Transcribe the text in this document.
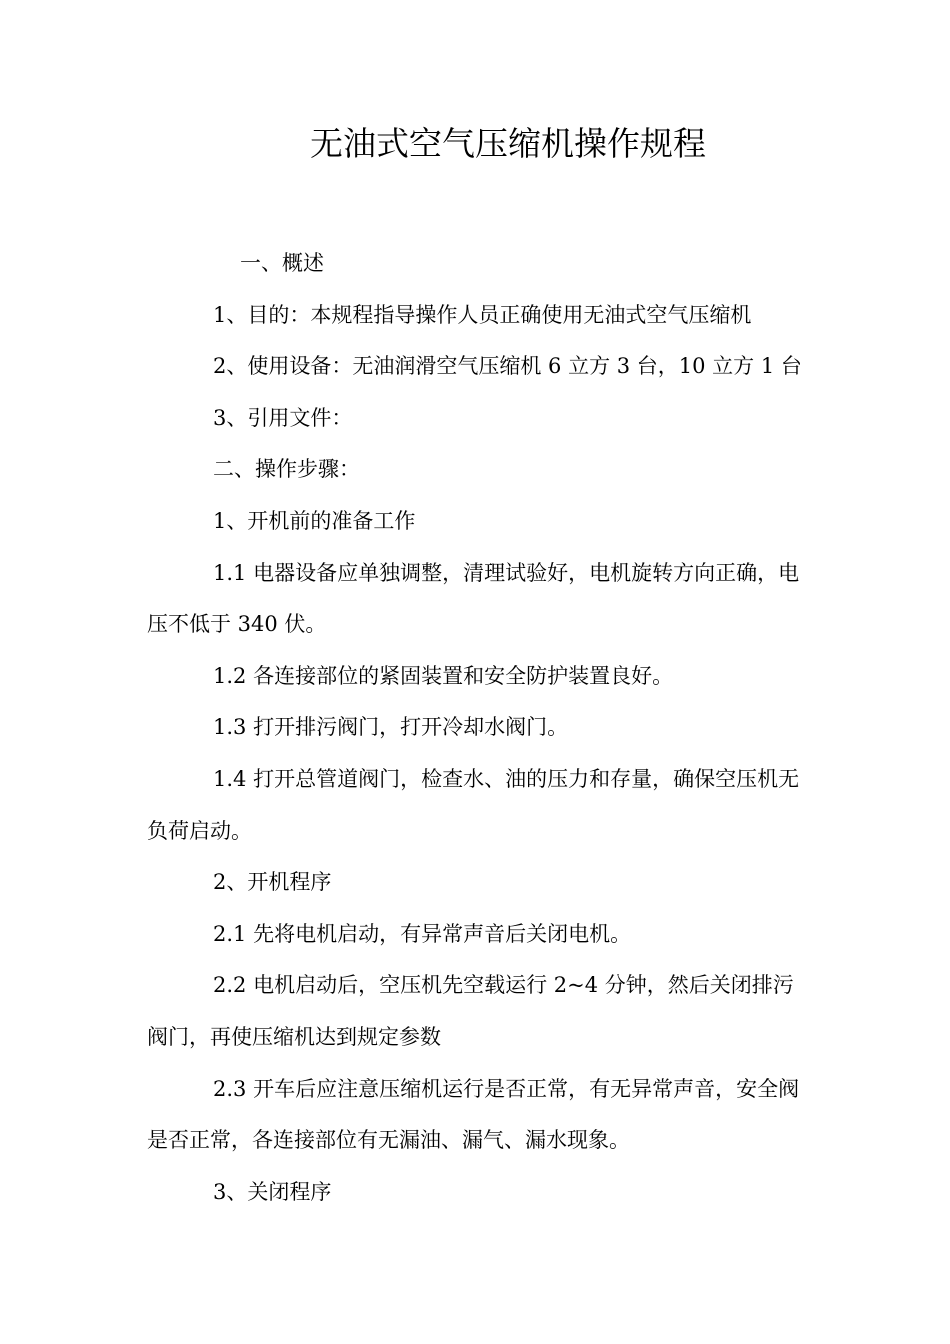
无油式空气压缩机操作规程

一、概述

1、目的：本规程指导操作人员正确使用无油式空气压缩机

2、使用设备：无油润滑空气压缩机 6 立方 3 台，10 立方 1 台

3、引用文件：

二、操作步骤：

1、开机前的准备工作

1.1 电器设备应单独调整，清理试验好，电机旋转方向正确，电压不低于 340 伏。

1.2 各连接部位的紧固装置和安全防护装置良好。

1.3 打开排污阀门，打开冷却水阀门。

1.4 打开总管道阀门，检查水、油的压力和存量，确保空压机无负荷启动。

2、开机程序

2.1 先将电机启动，有异常声音后关闭电机。

2.2 电机启动后，空压机先空载运行 2~4 分钟，然后关闭排污阀门，再使压缩机达到规定参数

2.3 开车后应注意压缩机运行是否正常，有无异常声音，安全阀是否正常，各连接部位有无漏油、漏气、漏水现象。

3、关闭程序
